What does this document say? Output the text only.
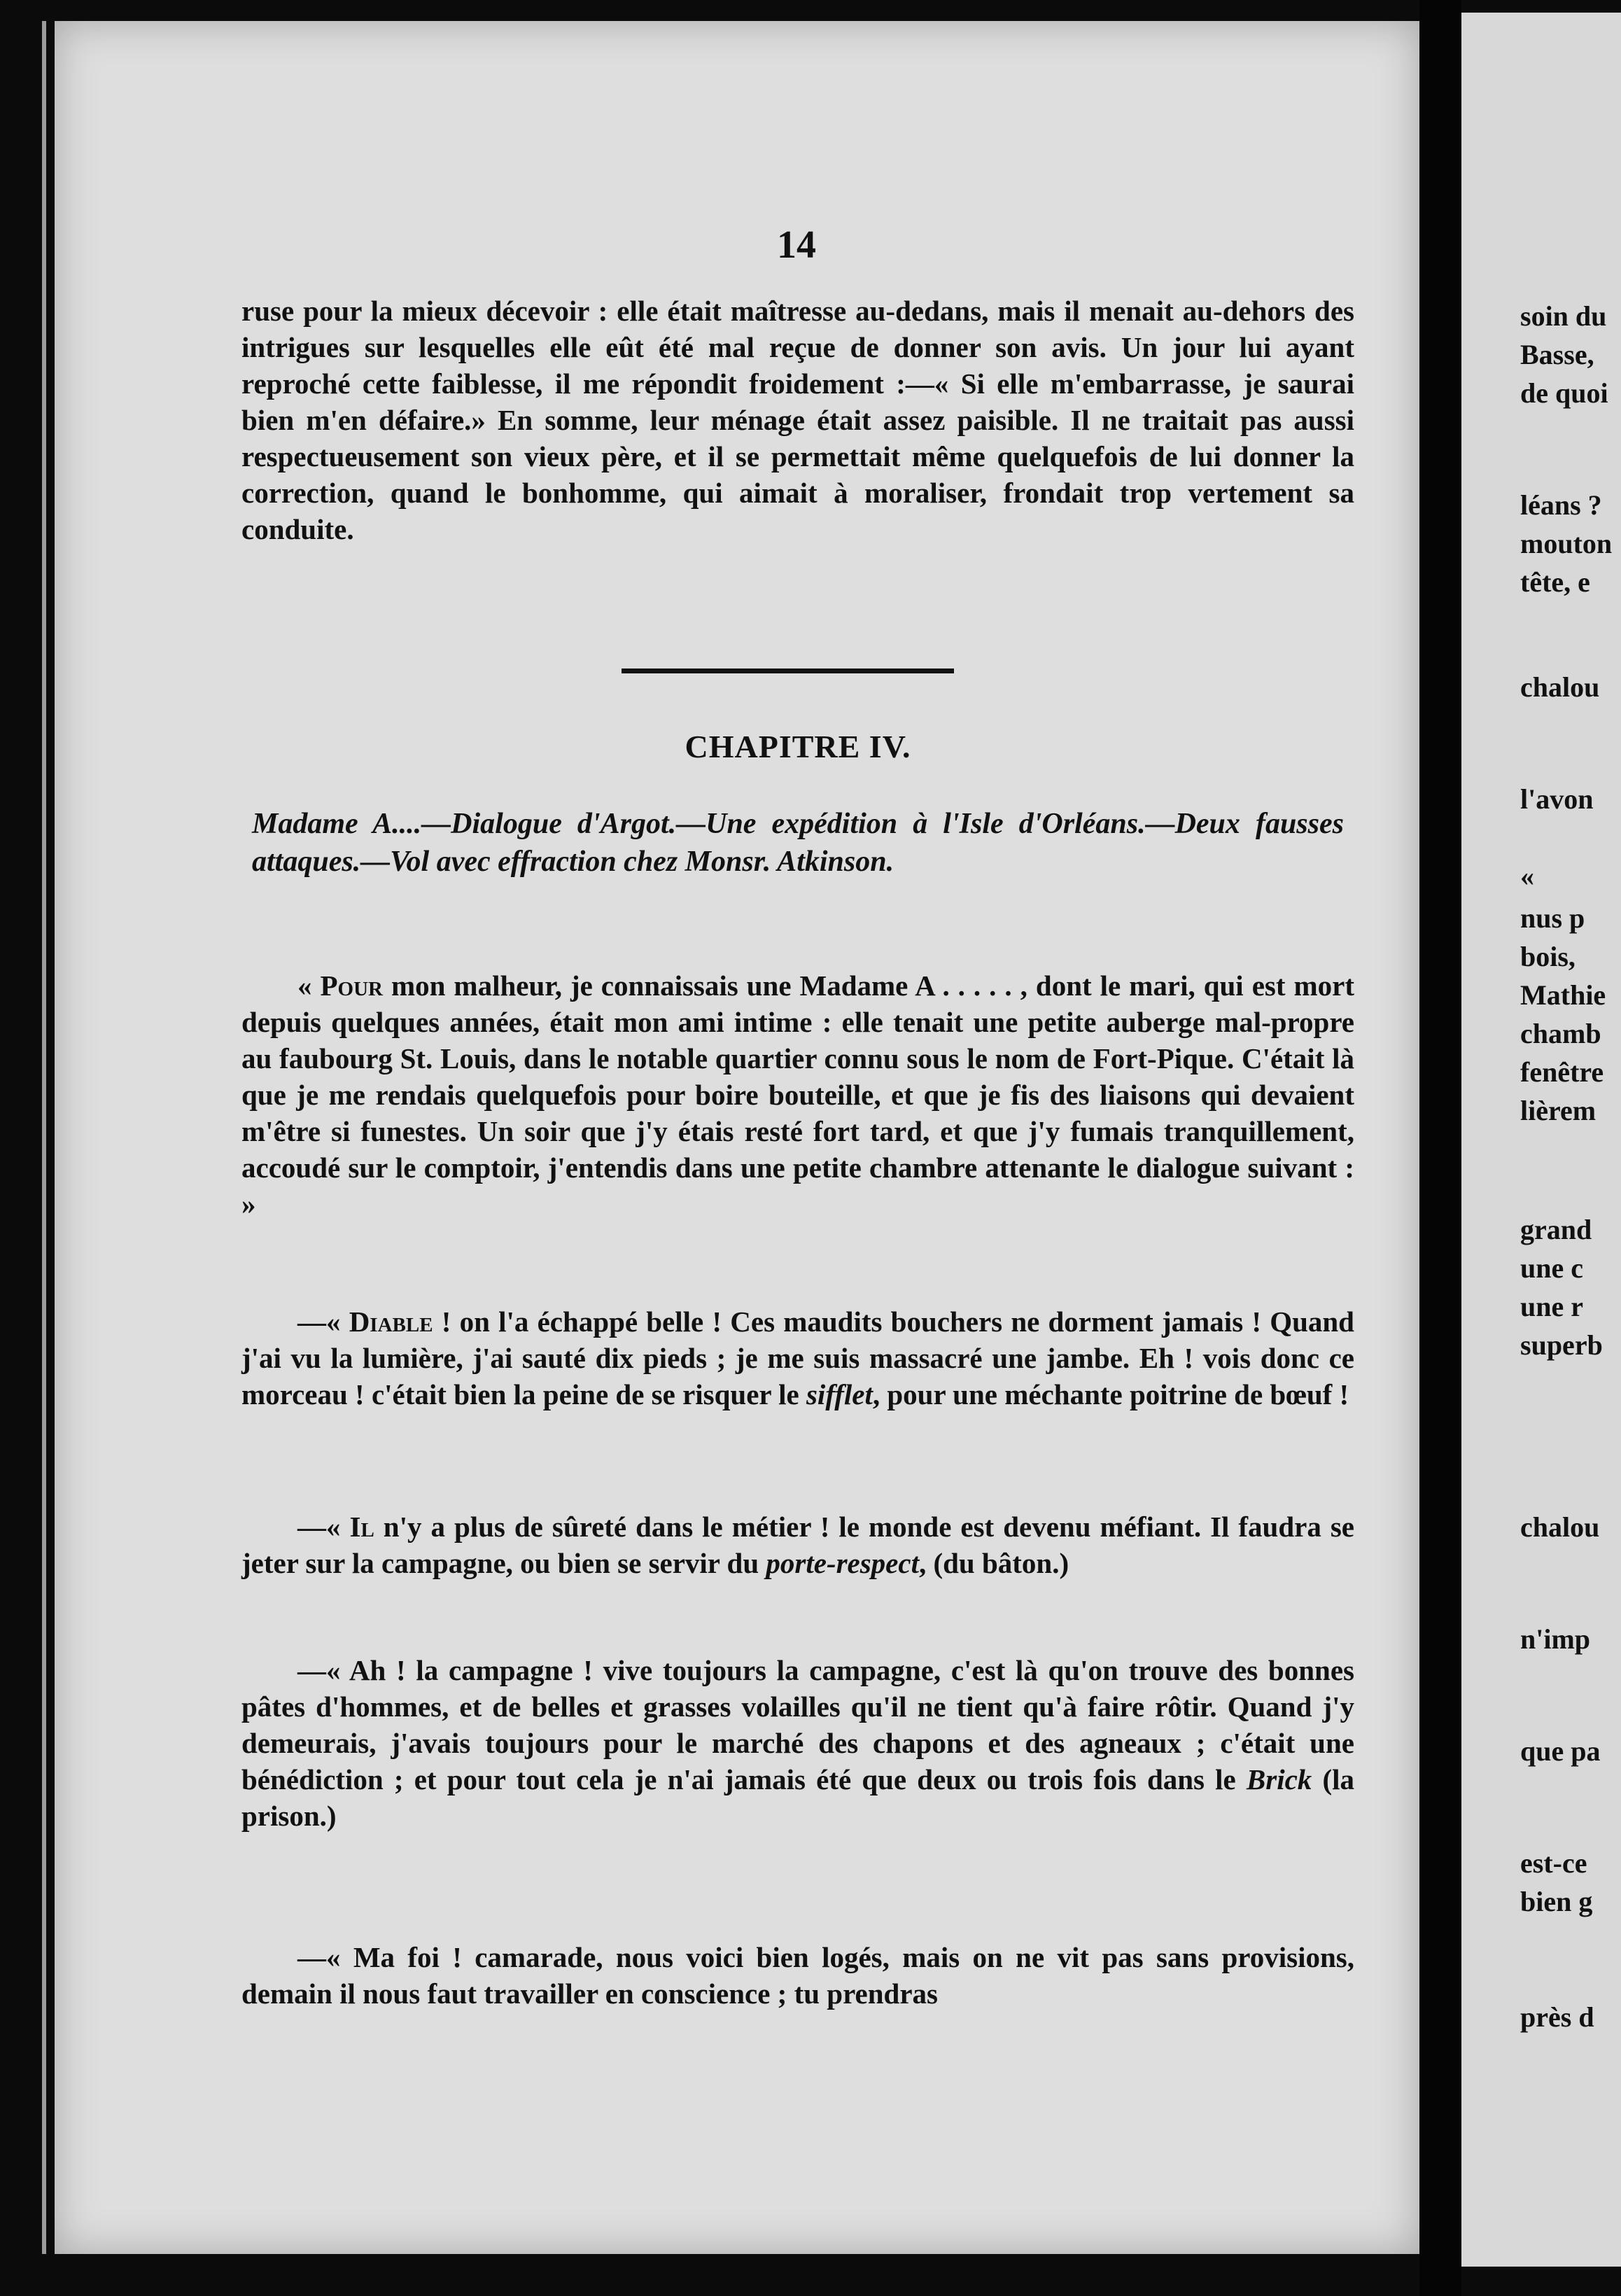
14

ruse pour la mieux décevoir : elle était maîtresse au-dedans, mais il menait au-dehors des intrigues sur lesquelles elle eût été mal reçue de donner son avis. Un jour lui ayant reproché cette faiblesse, il me répondit froidement :—« Si elle m'embarrasse, je saurai bien m'en défaire.» En somme, leur ménage était assez paisible. Il ne traitait pas aussi respectueusement son vieux père, et il se permettait même quelquefois de lui donner la correction, quand le bonhomme, qui aimait à moraliser, frondait trop vertement sa conduite.

CHAPITRE IV.

Madame A....—Dialogue d'Argot.—Une expédition à l'Isle d'Orléans.—Deux fausses attaques.—Vol avec effraction chez Monsr. Atkinson.

« Pour mon malheur, je connaissais une Madame A . . . . . , dont le mari, qui est mort depuis quelques années, était mon ami intime : elle tenait une petite auberge mal-propre au faubourg St. Louis, dans le notable quartier connu sous le nom de Fort-Pique. C'était là que je me rendais quelquefois pour boire bouteille, et que je fis des liaisons qui devaient m'être si funestes. Un soir que j'y étais resté fort tard, et que j'y fumais tranquillement, accoudé sur le comptoir, j'entendis dans une petite chambre attenante le dialogue suivant : »

—« Diable ! on l'a échappé belle ! Ces maudits bouchers ne dorment jamais ! Quand j'ai vu la lumière, j'ai sauté dix pieds ; je me suis massacré une jambe. Eh ! vois donc ce morceau ! c'était bien la peine de se risquer le sifflet, pour une méchante poitrine de bœuf !

—« Il n'y a plus de sûreté dans le métier ! le monde est devenu méfiant. Il faudra se jeter sur la campagne, ou bien se servir du porte-respect, (du bâton.)

—« Ah ! la campagne ! vive toujours la campagne, c'est là qu'on trouve des bonnes pâtes d'hommes, et de belles et grasses volailles qu'il ne tient qu'à faire rôtir. Quand j'y demeurais, j'avais toujours pour le marché des chapons et des agneaux ; c'était une bénédiction ; et pour tout cela je n'ai jamais été que deux ou trois fois dans le Brick (la prison.)

—« Ma foi ! camarade, nous voici bien logés, mais on ne vit pas sans provisions, demain il nous faut travailler en conscience ; tu prendras

soin du
Basse,
de quoi
léans ?
mouton
tête, e
chalou
l'avon
«
nus p
bois,
Mathie
chamb
fenêtre
lièrem
grand
une c
une r
superb
chalou
n'imp
que pa
est-ce
bien g
près d
